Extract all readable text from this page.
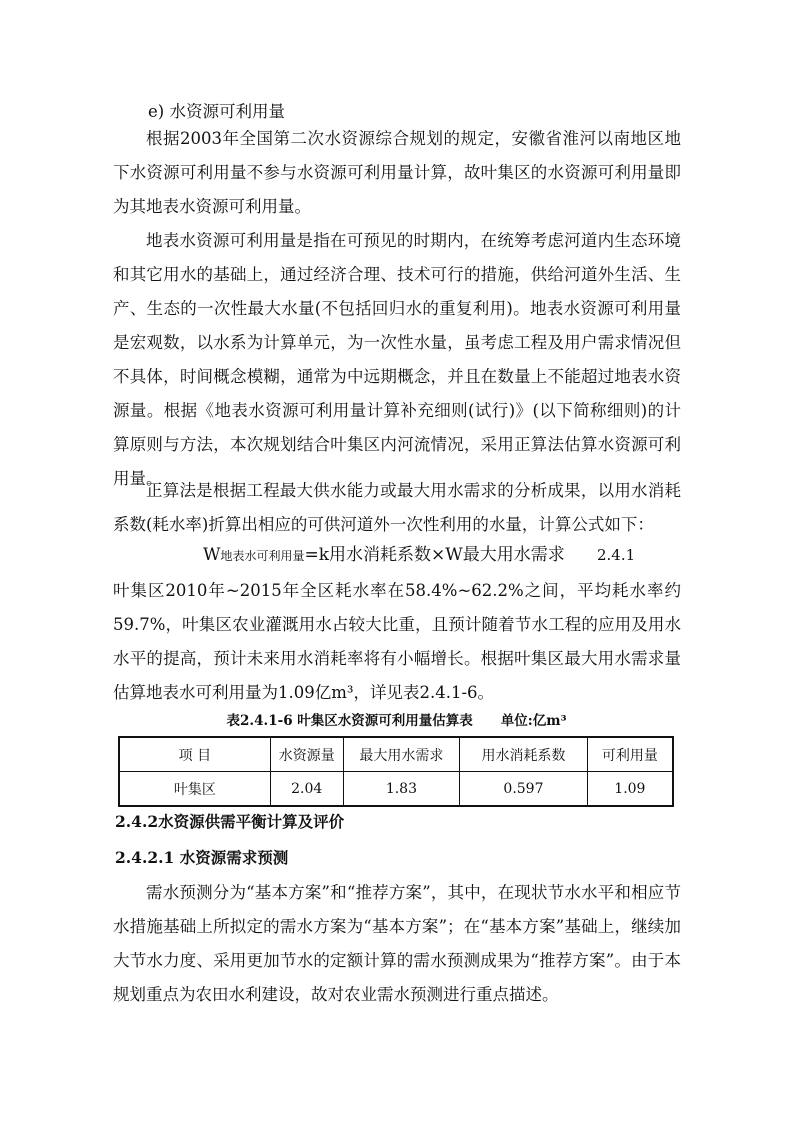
e) 水资源可利用量

根据2003年全国第二次水资源综合规划的规定，安徽省淮河以南地区地下水资源可利用量不参与水资源可利用量计算，故叶集区的水资源可利用量即为其地表水资源可利用量。

地表水资源可利用量是指在可预见的时期内，在统筹考虑河道内生态环境和其它用水的基础上，通过经济合理、技术可行的措施，供给河道外生活、生产、生态的一次性最大水量(不包括回归水的重复利用)。地表水资源可利用量是宏观数，以水系为计算单元，为一次性水量，虽考虑工程及用户需求情况但不具体，时间概念模糊，通常为中远期概念，并且在数量上不能超过地表水资源量。根据《地表水资源可利用量计算补充细则(试行)》(以下简称细则)的计算原则与方法，本次规划结合叶集区内河流情况，采用正算法估算水资源可利用量。

正算法是根据工程最大供水能力或最大用水需求的分析成果，以用水消耗系数(耗水率)折算出相应的可供河道外一次性利用的水量，计算公式如下：

W地表水可利用量=k用水消耗系数×W最大用水需求 2.4.1

叶集区2010年~2015年全区耗水率在58.4%~62.2%之间，平均耗水率约59.7%，叶集区农业灌溉用水占较大比重，且预计随着节水工程的应用及用水水平的提高，预计未来用水消耗率将有小幅增长。根据叶集区最大用水需求量估算地表水可利用量为1.09亿m³，详见表2.4.1-6。

表2.4.1-6 叶集区水资源可利用量估算表 单位:亿m³
项 目	水资源量	最大用水需求	用水消耗系数	可利用量
叶集区	2.04	1.83	0.597	1.09
2.4.2水资源供需平衡计算及评价
2.4.2.1 水资源需求预测

需水预测分为“基本方案”和“推荐方案”，其中，在现状节水水平和相应节水措施基础上所拟定的需水方案为“基本方案”；在“基本方案”基础上，继续加大节水力度、采用更加节水的定额计算的需水预测成果为“推荐方案”。由于本规划重点为农田水利建设，故对农业需水预测进行重点描述。
